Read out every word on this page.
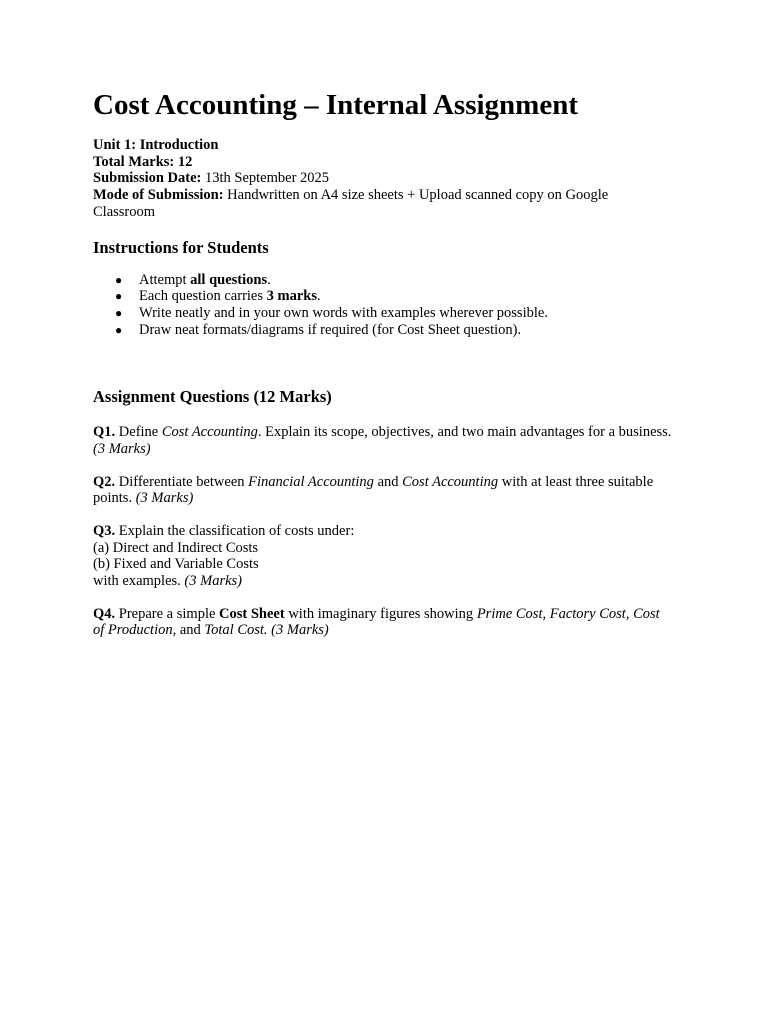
Cost Accounting – Internal Assignment
Unit 1: Introduction
Total Marks: 12
Submission Date: 13th September 2025
Mode of Submission: Handwritten on A4 size sheets + Upload scanned copy on Google Classroom
Instructions for Students
● Attempt all questions.
● Each question carries 3 marks.
● Write neatly and in your own words with examples wherever possible.
● Draw neat formats/diagrams if required (for Cost Sheet question).
Assignment Questions (12 Marks)
Q1. Define Cost Accounting. Explain its scope, objectives, and two main advantages for a business. (3 Marks)
Q2. Differentiate between Financial Accounting and Cost Accounting with at least three suitable points. (3 Marks)
Q3. Explain the classification of costs under:
(a) Direct and Indirect Costs
(b) Fixed and Variable Costs
with examples. (3 Marks)
Q4. Prepare a simple Cost Sheet with imaginary figures showing Prime Cost, Factory Cost, Cost of Production, and Total Cost. (3 Marks)
